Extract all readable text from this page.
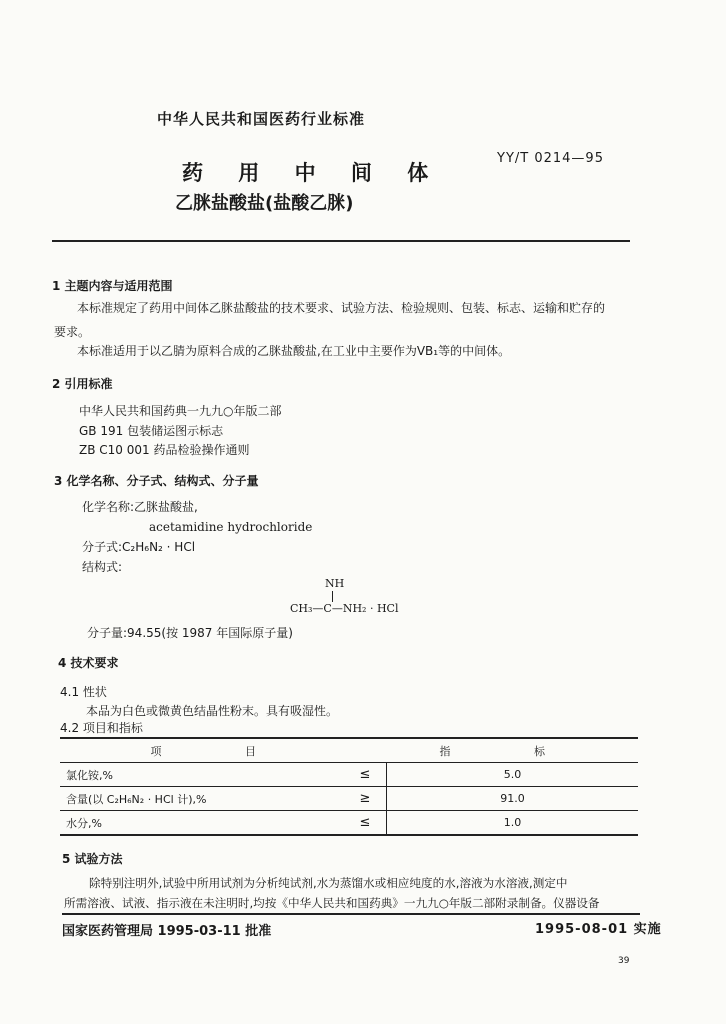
中华人民共和国医药行业标准
药 用 中 间 体
YY/T 0214—95
乙脒盐酸盐(盐酸乙脒)
1 主题内容与适用范围
本标准规定了药用中间体乙脒盐酸盐的技术要求、试验方法、检验规则、包装、标志、运输和贮存的
要求。
本标准适用于以乙腈为原料合成的乙脒盐酸盐,在工业中主要作为VB₁等的中间体。
2 引用标准
中华人民共和国药典一九九○年版二部
GB 191 包装储运图示标志
ZB C10 001 药品检验操作通则
3 化学名称、分子式、结构式、分子量
化学名称:乙脒盐酸盐,
acetamidine hydrochloride
分子式:C₂H₆N₂ · HCl
结构式:
NH
CH₃—C—NH₂ · HCl
分子量:94.55(按 1987 年国际原子量)
4 技术要求
4.1 性状
本品为白色或微黄色结晶性粉末。具有吸湿性。
4.2 项目和指标
项 目		指 标
氯化铵,%	≤	5.0
含量(以 C₂H₆N₂ · HCl 计),%	≥	91.0
水分,%	≤	1.0
5 试验方法
除特别注明外,试验中所用试剂为分析纯试剂,水为蒸馏水或相应纯度的水,溶液为水溶液,测定中
所需溶液、试液、指示液在未注明时,均按《中华人民共和国药典》一九九○年版二部附录制备。仪器设备
国家医药管理局 1995-03-11 批准	1995-08-01 实施
39
